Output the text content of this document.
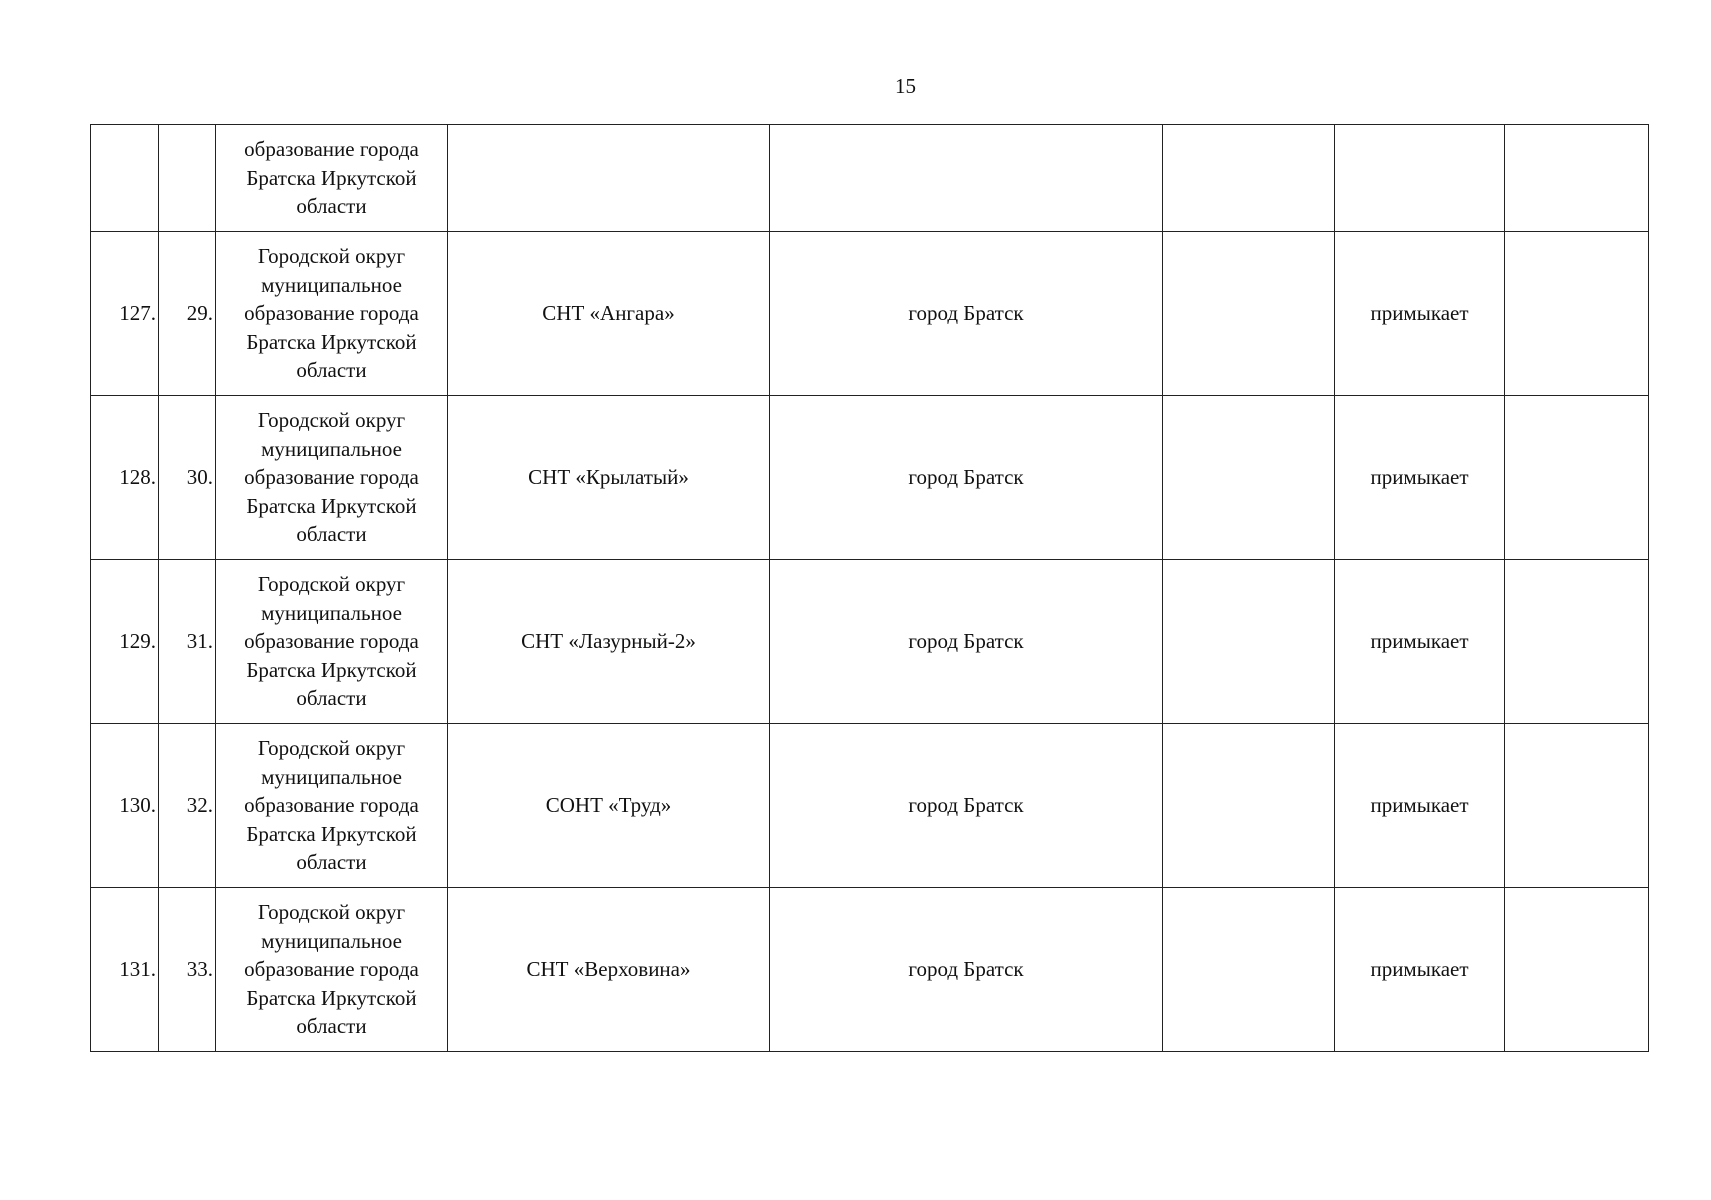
15

		образование города Братска Иркутской области					

127.	29.	Городской округ муниципальное образование города Братска Иркутской области	СНТ «Ангара»	город Братск		примыкает	
128.	30.	Городской округ муниципальное образование города Братска Иркутской области	СНТ «Крылатый»	город Братск		примыкает	
129.	31.	Городской округ муниципальное образование города Братска Иркутской области	СНТ «Лазурный-2»	город Братск		примыкает	
130.	32.	Городской округ муниципальное образование города Братска Иркутской области	СОНТ «Труд»	город Братск		примыкает	
131.	33.	Городской округ муниципальное образование города Братска Иркутской области	СНТ «Верховина»	город Братск		примыкает	
